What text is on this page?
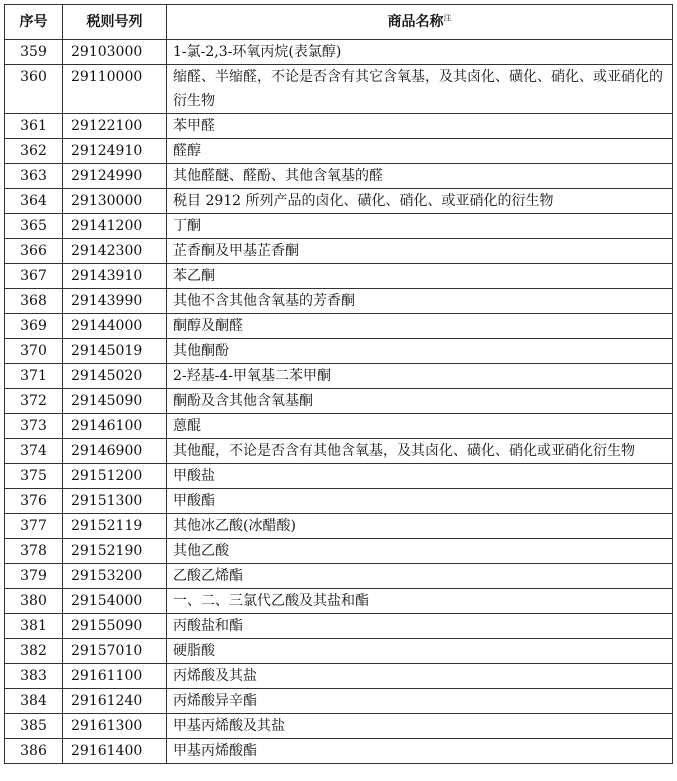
序号	税则号列	商品名称$^注$
359	29103000	1-氯-2,3-环氧丙烷(表氯醇)
360	29110000	缩醛、半缩醛，不论是否含有其它含氧基，及其卤化、磺化、硝化、或亚硝化的衍生物
361	29122100	苯甲醛
362	29124910	醛醇
363	29124990	其他醛醚、醛酚、其他含氧基的醛
364	29130000	税目 2912 所列产品的卤化、磺化、硝化、或亚硝化的衍生物
365	29141200	丁酮
366	29142300	芷香酮及甲基芷香酮
367	29143910	苯乙酮
368	29143990	其他不含其他含氧基的芳香酮
369	29144000	酮醇及酮醛
370	29145019	其他酮酚
371	29145020	2-羟基-4-甲氧基二苯甲酮
372	29145090	酮酚及含其他含氧基酮
373	29146100	蒽醌
374	29146900	其他醌，不论是否含有其他含氧基，及其卤化、磺化、硝化或亚硝化衍生物
375	29151200	甲酸盐
376	29151300	甲酸酯
377	29152119	其他冰乙酸(冰醋酸)
378	29152190	其他乙酸
379	29153200	乙酸乙烯酯
380	29154000	一、二、三氯代乙酸及其盐和酯
381	29155090	丙酸盐和酯
382	29157010	硬脂酸
383	29161100	丙烯酸及其盐
384	29161240	丙烯酸异辛酯
385	29161300	甲基丙烯酸及其盐
386	29161400	甲基丙烯酸酯
